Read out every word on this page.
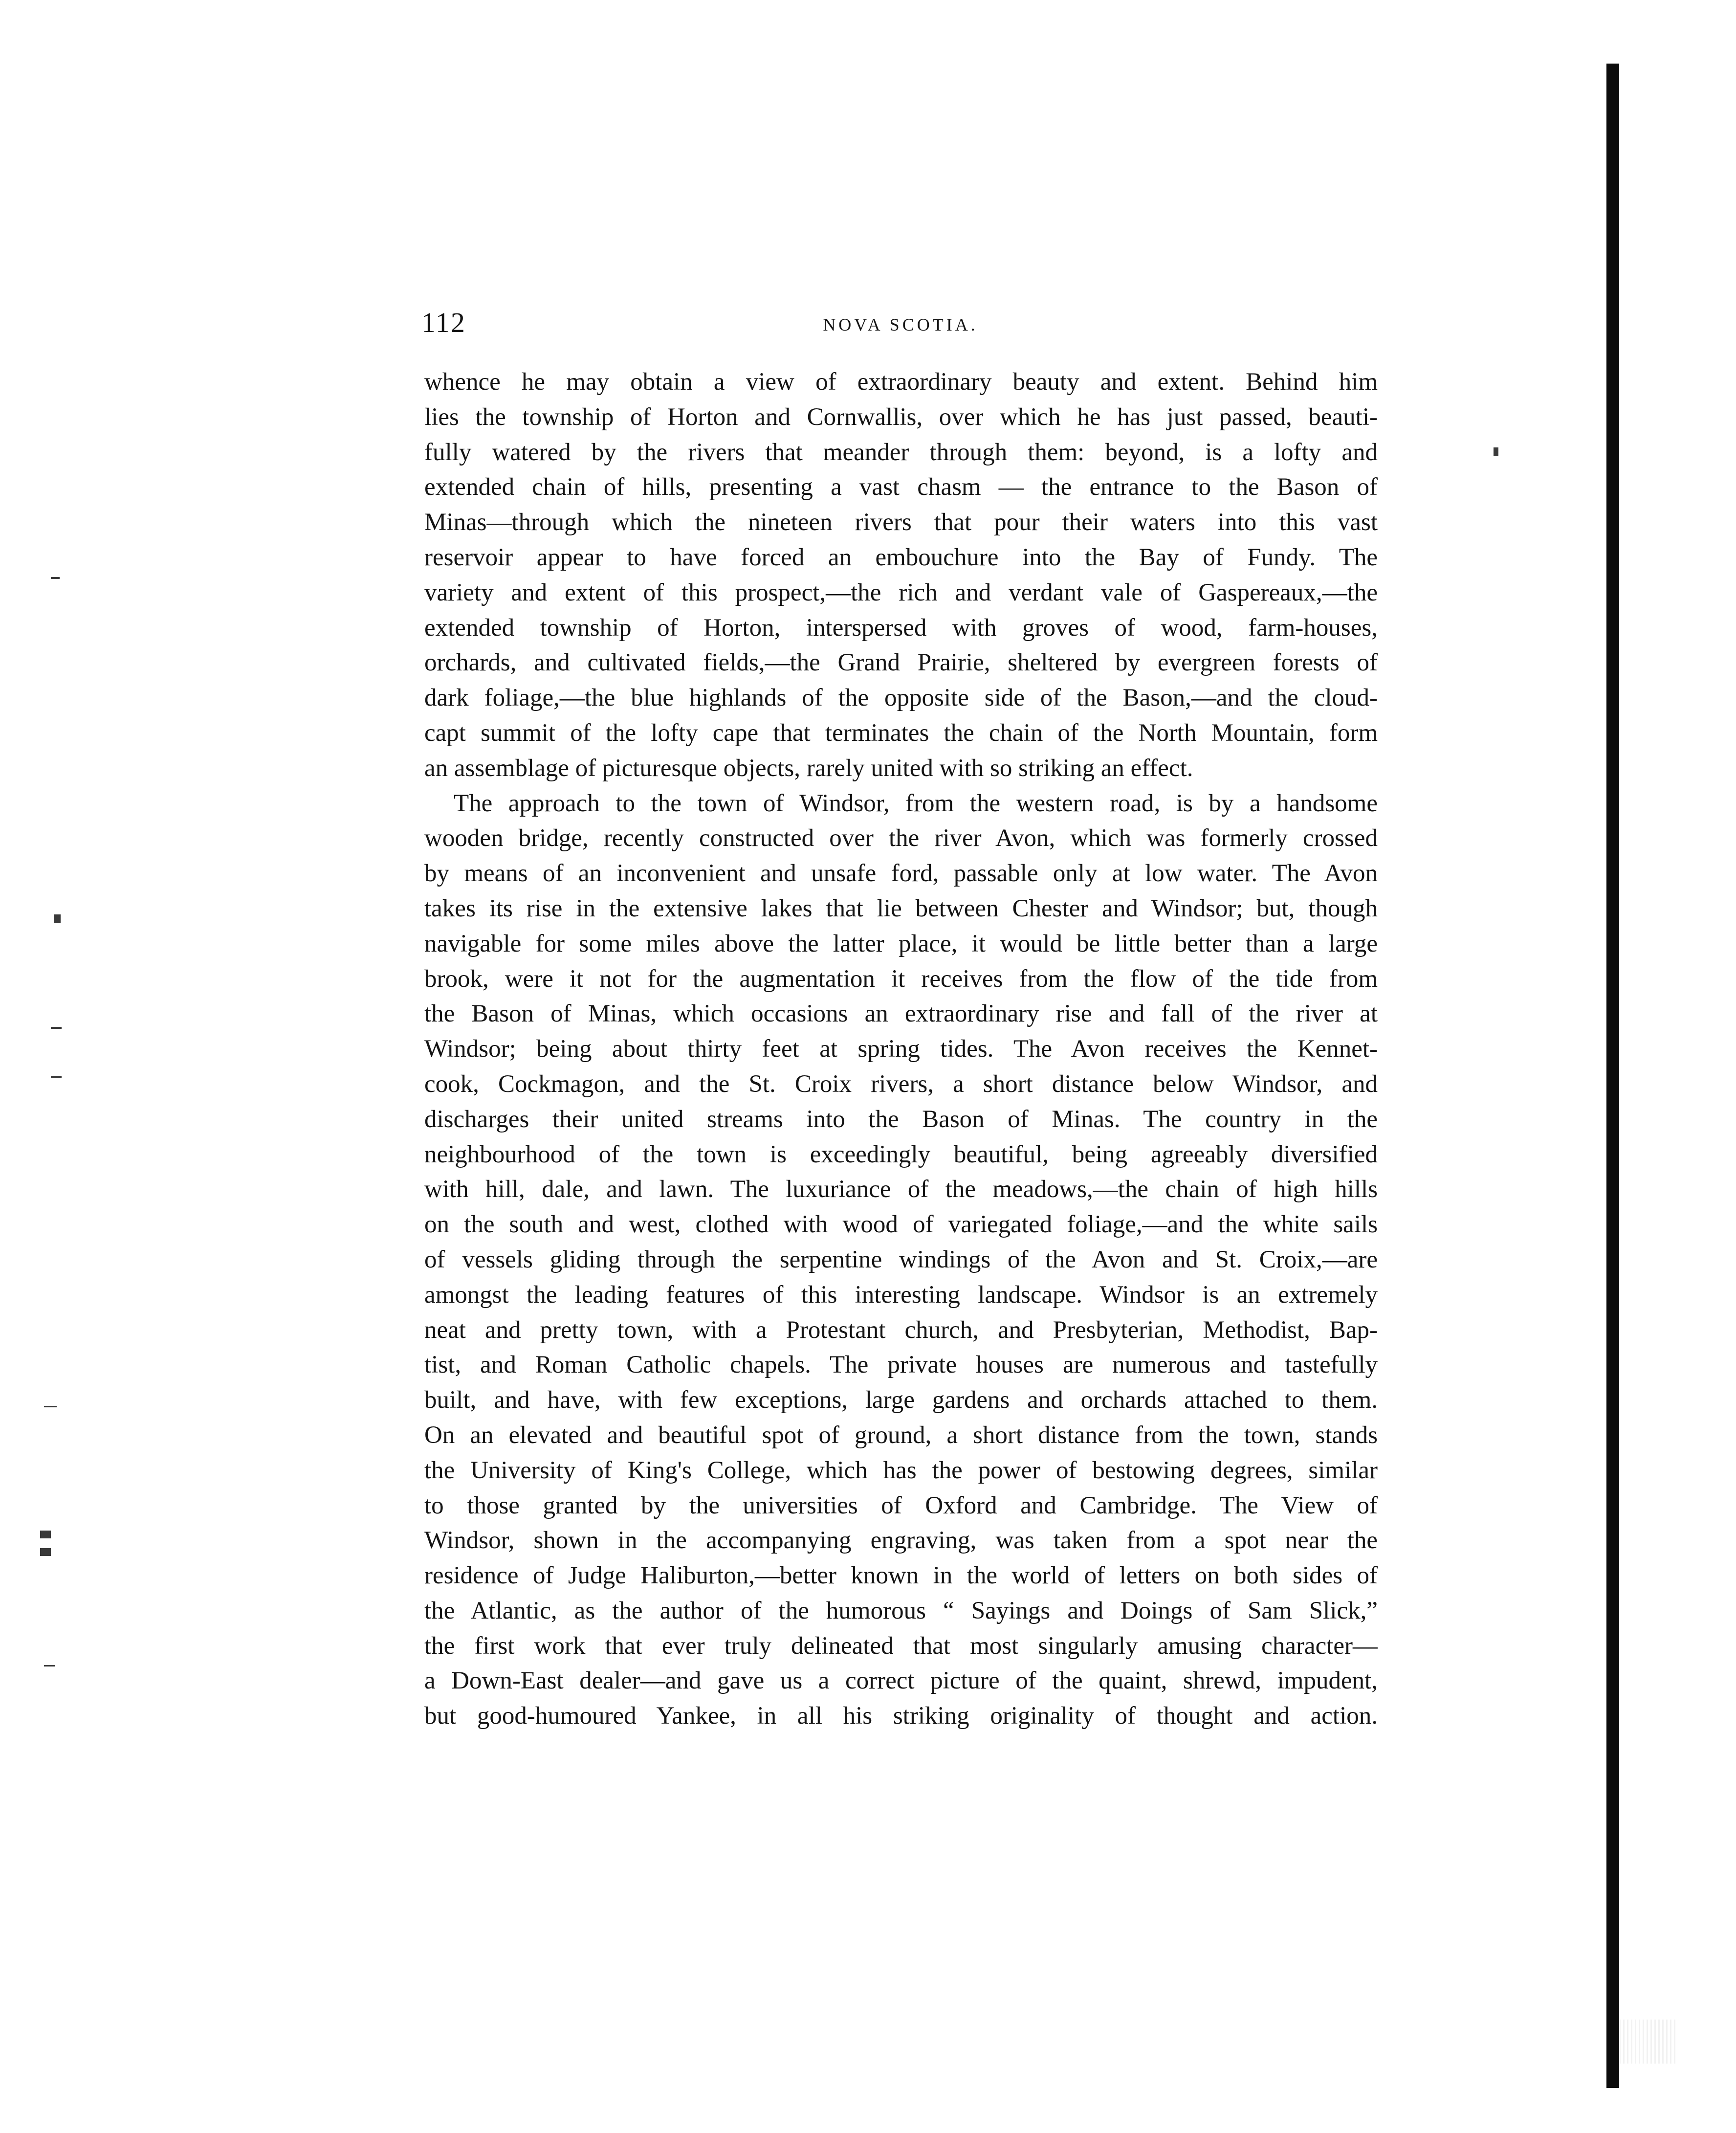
112	NOVA SCOTIA.
whence he may obtain a view of extraordinary beauty and extent. Behind him
lies the township of Horton and Cornwallis, over which he has just passed, beauti-
fully watered by the rivers that meander through them: beyond, is a lofty and
extended chain of hills, presenting a vast chasm — the entrance to the Bason of
Minas—through which the nineteen rivers that pour their waters into this vast
reservoir appear to have forced an embouchure into the Bay of Fundy. The
variety and extent of this prospect,—the rich and verdant vale of Gaspereaux,—the
extended township of Horton, interspersed with groves of wood, farm-houses,
orchards, and cultivated fields,—the Grand Prairie, sheltered by evergreen forests of
dark foliage,—the blue highlands of the opposite side of the Bason,—and the cloud-
capt summit of the lofty cape that terminates the chain of the North Mountain, form
an assemblage of picturesque objects, rarely united with so striking an effect.
The approach to the town of Windsor, from the western road, is by a handsome
wooden bridge, recently constructed over the river Avon, which was formerly crossed
by means of an inconvenient and unsafe ford, passable only at low water. The Avon
takes its rise in the extensive lakes that lie between Chester and Windsor; but, though
navigable for some miles above the latter place, it would be little better than a large
brook, were it not for the augmentation it receives from the flow of the tide from
the Bason of Minas, which occasions an extraordinary rise and fall of the river at
Windsor; being about thirty feet at spring tides. The Avon receives the Kennet-
cook, Cockmagon, and the St. Croix rivers, a short distance below Windsor, and
discharges their united streams into the Bason of Minas. The country in the
neighbourhood of the town is exceedingly beautiful, being agreeably diversified
with hill, dale, and lawn. The luxuriance of the meadows,—the chain of high hills
on the south and west, clothed with wood of variegated foliage,—and the white sails
of vessels gliding through the serpentine windings of the Avon and St. Croix,—are
amongst the leading features of this interesting landscape. Windsor is an extremely
neat and pretty town, with a Protestant church, and Presbyterian, Methodist, Bap-
tist, and Roman Catholic chapels. The private houses are numerous and tastefully
built, and have, with few exceptions, large gardens and orchards attached to them.
On an elevated and beautiful spot of ground, a short distance from the town, stands
the University of King's College, which has the power of bestowing degrees, similar
to those granted by the universities of Oxford and Cambridge. The View of
Windsor, shown in the accompanying engraving, was taken from a spot near the
residence of Judge Haliburton,—better known in the world of letters on both sides of
the Atlantic, as the author of the humorous “ Sayings and Doings of Sam Slick,”
the first work that ever truly delineated that most singularly amusing character—
a Down-East dealer—and gave us a correct picture of the quaint, shrewd, impudent,
but good-humoured Yankee, in all his striking originality of thought and action.
